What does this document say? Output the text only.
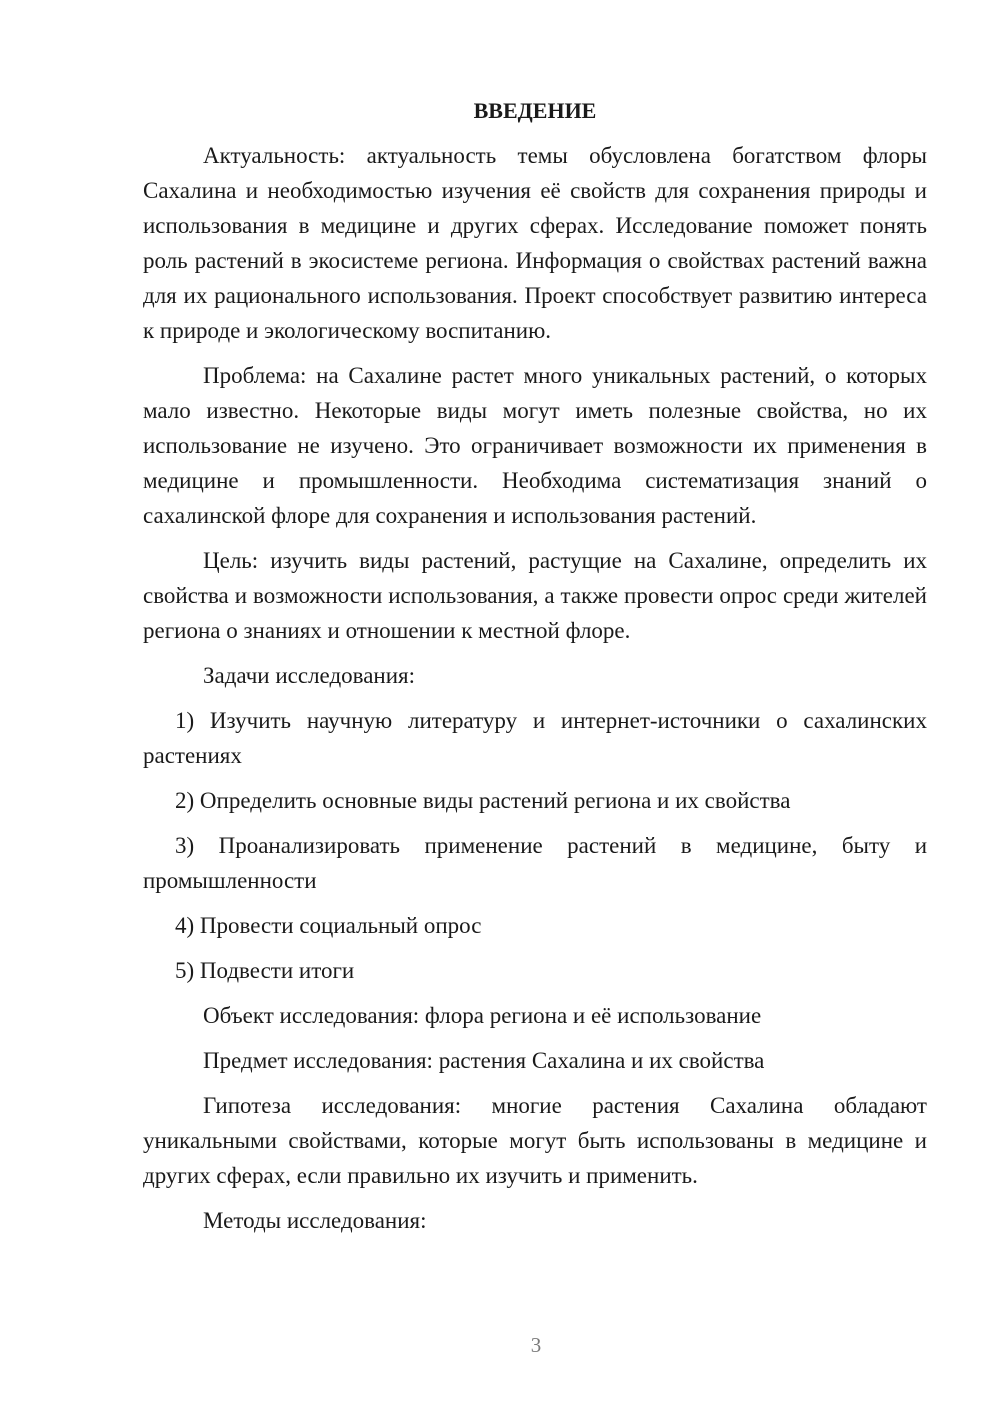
ВВЕДЕНИЕ

Актуальность: актуальность темы обусловлена богатством флоры Сахалина и необходимостью изучения её свойств для сохранения природы и использования в медицине и других сферах. Исследование поможет понять роль растений в экосистеме региона. Информация о свойствах растений важна для их рационального использования. Проект способствует развитию интереса к природе и экологическому воспитанию.

Проблема: на Сахалине растет много уникальных растений, о которых мало известно. Некоторые виды могут иметь полезные свойства, но их использование не изучено. Это ограничивает возможности их применения в медицине и промышленности. Необходима систематизация знаний о сахалинской флоре для сохранения и использования растений.

Цель: изучить виды растений, растущие на Сахалине, определить их свойства и возможности использования, а также провести опрос среди жителей региона о знаниях и отношении к местной флоре.

Задачи исследования:

1) Изучить научную литературу и интернет-источники о сахалинских растениях

2) Определить основные виды растений региона и их свойства

3) Проанализировать применение растений в медицине, быту и промышленности

4) Провести социальный опрос

5) Подвести итоги

Объект исследования: флора региона и её использование

Предмет исследования: растения Сахалина и их свойства

Гипотеза исследования: многие растения Сахалина обладают уникальными свойствами, которые могут быть использованы в медицине и других сферах, если правильно их изучить и применить.

Методы исследования:

3
